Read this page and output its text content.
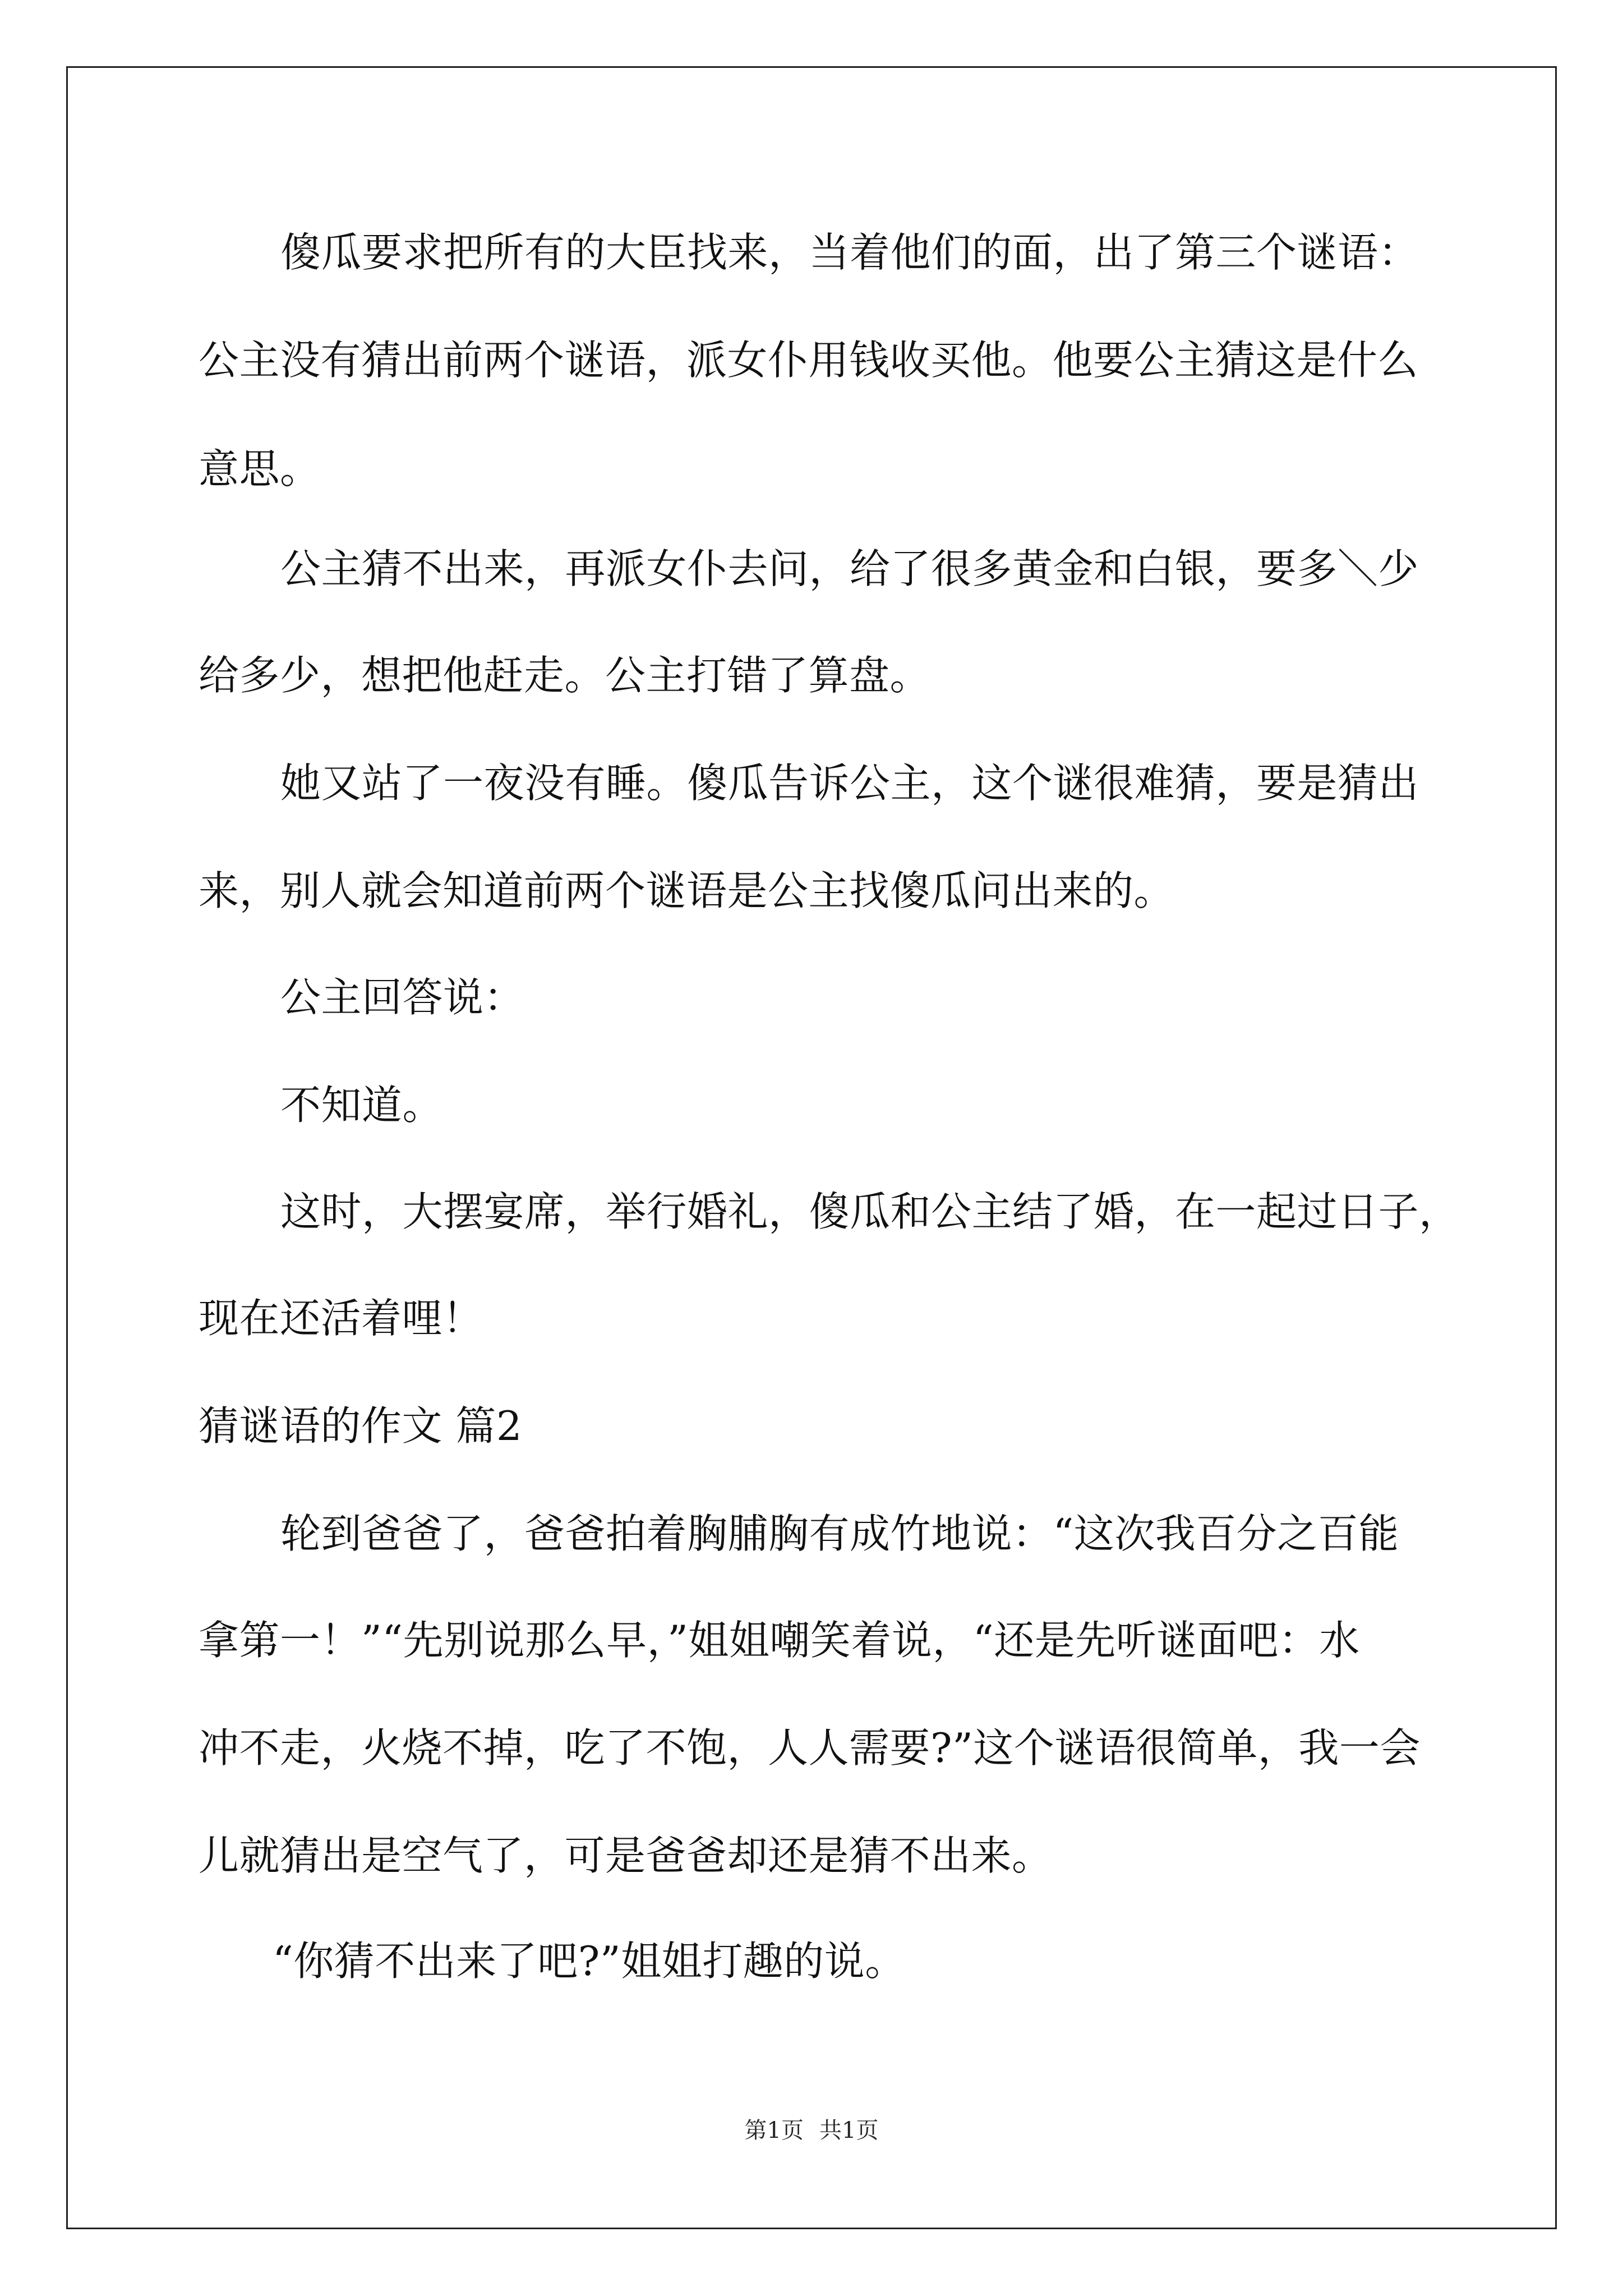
傻瓜要求把所有的大臣找来，当着他们的面，出了第三个谜语：
公主没有猜出前两个谜语，派女仆用钱收买他。他要公主猜这是什么
意思。
公主猜不出来，再派女仆去问，给了很多黄金和白银，要多＼少
给多少，想把他赶走。公主打错了算盘。
她又站了一夜没有睡。傻瓜告诉公主，这个谜很难猜，要是猜出
来，别人就会知道前两个谜语是公主找傻瓜问出来的。
公主回答说：
不知道。
这时，大摆宴席，举行婚礼，傻瓜和公主结了婚，在一起过日子，
现在还活着哩！
猜谜语的作文 篇2
轮到爸爸了，爸爸拍着胸脯胸有成竹地说：“这次我百分之百能
拿第一！”“先别说那么早，”姐姐嘲笑着说，“还是先听谜面吧：水
冲不走，火烧不掉，吃了不饱，人人需要?”这个谜语很简单，我一会
儿就猜出是空气了，可是爸爸却还是猜不出来。
“你猜不出来了吧?”姐姐打趣的说。
第1页 共1页
